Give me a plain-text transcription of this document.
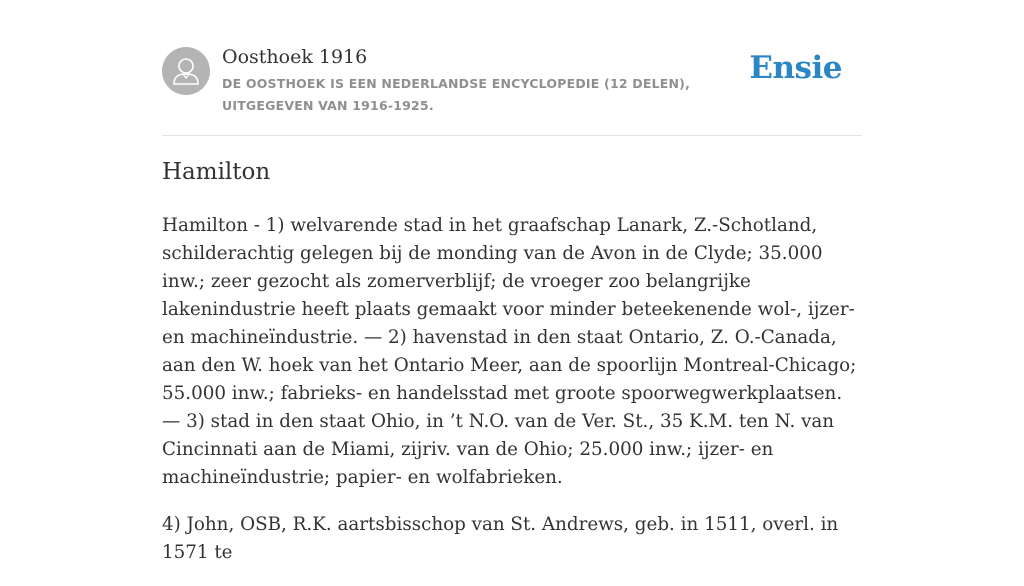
Oosthoek 1916
DE OOSTHOEK IS EEN NEDERLANDSE ENCYCLOPEDIE (12 DELEN), UITGEGEVEN VAN 1916-1925.
Ensie
Hamilton

Hamilton - 1) welvarende stad in het graafschap Lanark, Z.-Schotland, schilderachtig gelegen bij de monding van de Avon in de Clyde; 35.000 inw.; zeer gezocht als zomerverblijf; de vroeger zoo belangrijke lakenindustrie heeft plaats gemaakt voor minder beteekenende wol-, ijzer- en machineïndustrie. — 2) havenstad in den staat Ontario, Z. O.-Canada, aan den W. hoek van het Ontario Meer, aan de spoorlijn Montreal-Chicago; 55.000 inw.; fabrieks- en handelsstad met groote spoorwegwerkplaatsen. — 3) stad in den staat Ohio, in ’t N.O. van de Ver. St., 35 K.M. ten N. van Cincinnati aan de Miami, zijriv. van de Ohio; 25.000 inw.; ijzer- en machineïndustrie; papier- en wolfabrieken.

4) John, OSB, R.K. aartsbisschop van St. Andrews, geb. in 1511, overl. in 1571 te
